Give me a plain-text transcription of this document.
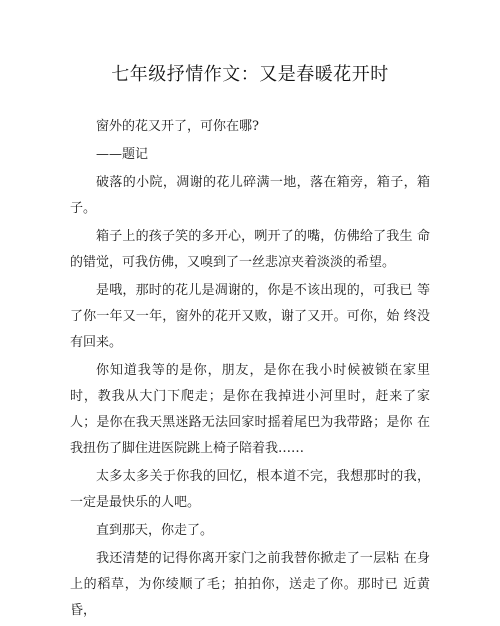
七年级抒情作文：又是春暖花开时

窗外的花又开了，可你在哪?

——题记

破落的小院，凋谢的花儿碎满一地，落在箱旁，箱子，箱子。

箱子上的孩子笑的多开心，咧开了的嘴，仿佛给了我生 命的错觉，可我仿佛，又嗅到了一丝悲凉夹着淡淡的希望。

是哦，那时的花儿是凋谢的，你是不该出现的，可我已 等了你一年又一年，窗外的花开又败，谢了又开。可你，始 终没有回来。

你知道我等的是你，朋友，是你在我小时候被锁在家里 时，教我从大门下爬走；是你在我掉进小河里时，赶来了家 人；是你在我天黑迷路无法回家时摇着尾巴为我带路；是你 在我扭伤了脚住进医院跳上椅子陪着我……

太多太多关于你我的回忆，根本道不完，我想那时的我， 一定是最快乐的人吧。

直到那天，你走了。

我还清楚的记得你离开家门之前我替你掀走了一层粘 在身上的稻草，为你绫顺了毛；拍拍你，送走了你。那时已 近黄昏，
